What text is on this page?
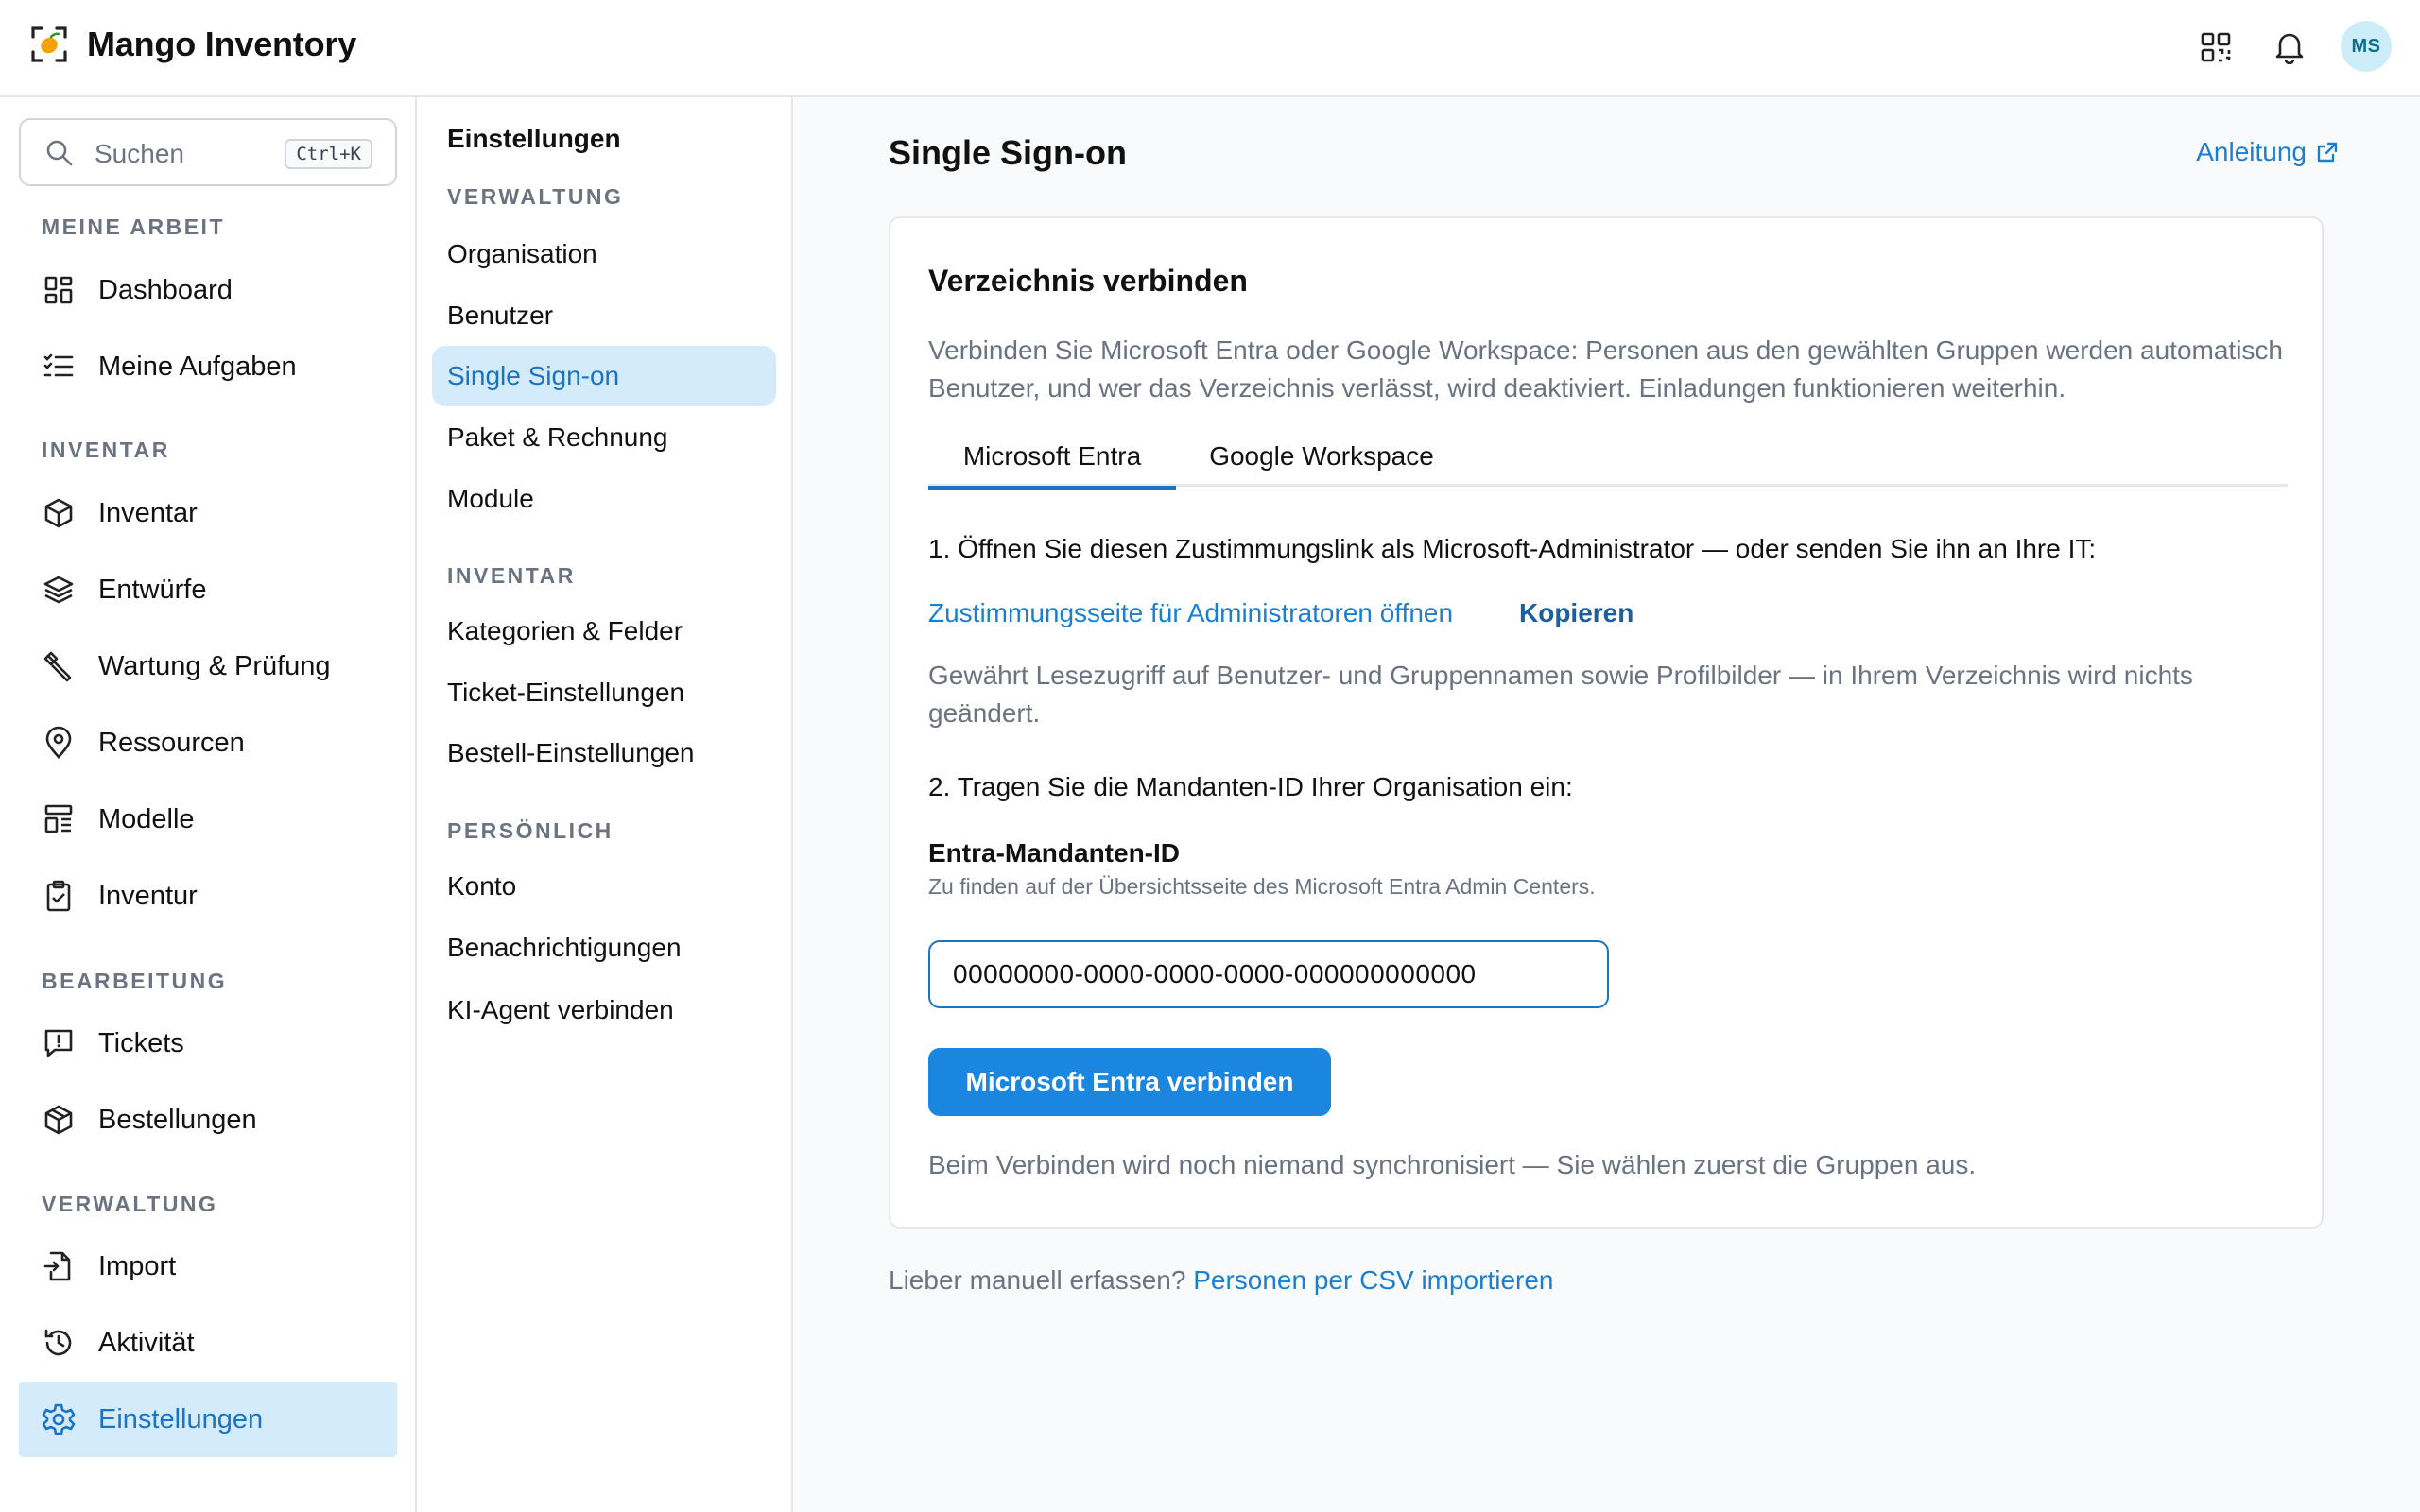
Mango Inventory	MS
Suchen	Ctrl+K
MEINE ARBEIT
Dashboard
Meine Aufgaben
INVENTAR
Inventar
Entwürfe
Wartung & Prüfung
Ressourcen
Modelle
Inventur
BEARBEITUNG
Tickets
Bestellungen
VERWALTUNG
Import
Aktivität
Einstellungen
Einstellungen
VERWALTUNG
Organisation
Benutzer
Single Sign-on
Paket & Rechnung
Module
INVENTAR
Kategorien & Felder
Ticket-Einstellungen
Bestell-Einstellungen
PERSÖNLICH
Konto
Benachrichtigungen
KI-Agent verbinden
Single Sign-on	Anleitung
Verzeichnis verbinden
Verbinden Sie Microsoft Entra oder Google Workspace: Personen aus den gewählten Gruppen werden automatisch Benutzer, und wer das Verzeichnis verlässt, wird deaktiviert. Einladungen funktionieren weiterhin.
Microsoft Entra	Google Workspace
1. Öffnen Sie diesen Zustimmungslink als Microsoft-Administrator — oder senden Sie ihn an Ihre IT:
Zustimmungsseite für Administratoren öffnen Kopieren
Gewährt Lesezugriff auf Benutzer- und Gruppennamen sowie Profilbilder — in Ihrem Verzeichnis wird nichts geändert.
2. Tragen Sie die Mandanten-ID Ihrer Organisation ein:
Entra-Mandanten-ID
Zu finden auf der Übersichtsseite des Microsoft Entra Admin Centers.
00000000-0000-0000-0000-000000000000
Microsoft Entra verbinden
Beim Verbinden wird noch niemand synchronisiert — Sie wählen zuerst die Gruppen aus.
Lieber manuell erfassen? Personen per CSV importieren
